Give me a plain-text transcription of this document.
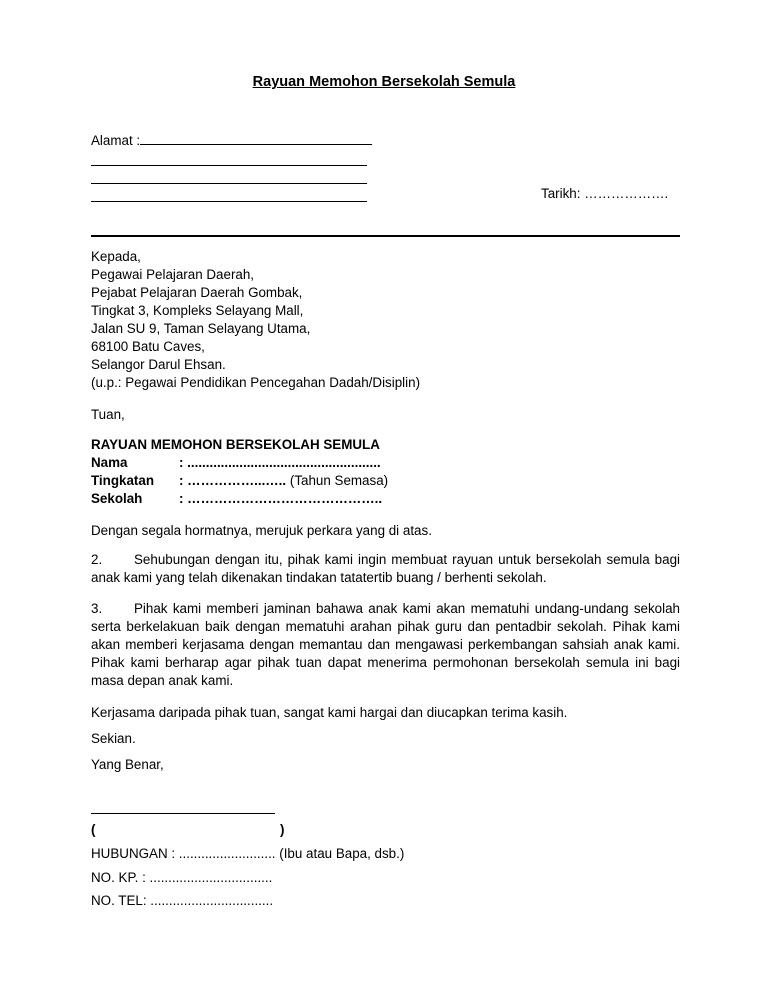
Rayuan Memohon Bersekolah Semula
Alamat :
Tarikh: ……………….
Kepada,
Pegawai Pelajaran Daerah,
Pejabat Pelajaran Daerah Gombak,
Tingkat 3, Kompleks Selayang Mall,
Jalan SU 9, Taman Selayang Utama,
68100 Batu Caves,
Selangor Darul Ehsan.
(u.p.: Pegawai Pendidikan Pencegahan Dadah/Disiplin)
Tuan,
RAYUAN MEMOHON BERSEKOLAH SEMULA
Nama	: ....................................................
Tingkatan : ……………...….. (Tahun Semasa)
Sekolah	: ……………………………………..
Dengan segala hormatnya, merujuk perkara yang di atas.
2. Sehubungan dengan itu, pihak kami ingin membuat rayuan untuk bersekolah semula bagi anak kami yang telah dikenakan tindakan tatatertib buang / berhenti sekolah.
3. Pihak kami memberi jaminan bahawa anak kami akan mematuhi undang-undang sekolah serta berkelakuan baik dengan mematuhi arahan pihak guru dan pentadbir sekolah. Pihak kami akan memberi kerjasama dengan memantau dan mengawasi perkembangan sahsiah anak kami. Pihak kami berharap agar pihak tuan dapat menerima permohonan bersekolah semula ini bagi masa depan anak kami.
Kerjasama daripada pihak tuan, sangat kami hargai dan diucapkan terima kasih.
Sekian.
Yang Benar,
(	)
HUBUNGAN : .......................... (Ibu atau Bapa, dsb.)
NO. KP. : .................................
NO. TEL: .................................
